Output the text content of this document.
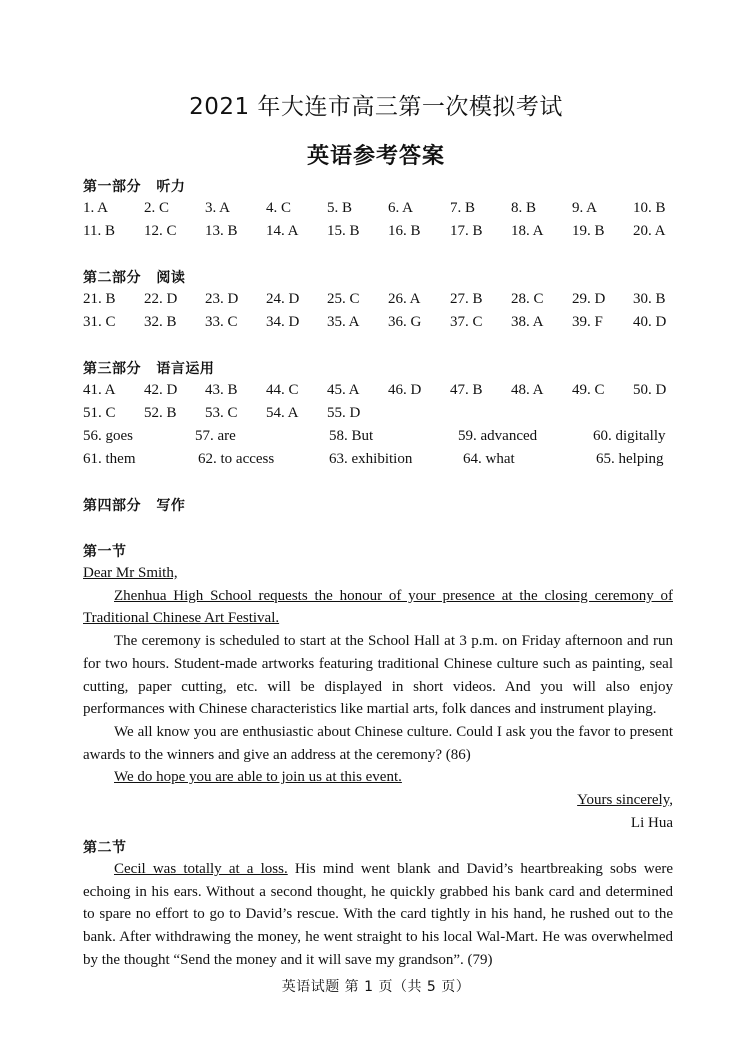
2021 年大连市高三第一次模拟考试
英语参考答案
第一部分 听力
1. A 2. C 3. A 4. C 5. B 6. A 7. B 8. B 9. A 10. B
11. B 12. C 13. B 14. A 15. B 16. B 17. B 18. A 19. B 20. A
第二部分 阅读
21. B 22. D 23. D 24. D 25. C 26. A 27. B 28. C 29. D 30. B
31. C 32. B 33. C 34. D 35. A 36. G 37. C 38. A 39. F 40. D
第三部分 语言运用
41. A 42. D 43. B 44. C 45. A 46. D 47. B 48. A 49. C 50. D
51. C 52. B 53. C 54. A 55. D
56. goes	57. are	58. But	59. advanced	60. digitally
61. them	62. to access	63. exhibition	64. what	65. helping
第四部分 写作
第一节
Dear Mr Smith,
Zhenhua High School requests the honour of your presence at the closing ceremony of Traditional Chinese Art Festival.
The ceremony is scheduled to start at the School Hall at 3 p.m. on Friday afternoon and run for two hours. Student-made artworks featuring traditional Chinese culture such as painting, seal cutting, paper cutting, etc. will be displayed in short videos. And you will also enjoy performances with Chinese characteristics like martial arts, folk dances and instrument playing.
We all know you are enthusiastic about Chinese culture. Could I ask you the favor to present awards to the winners and give an address at the ceremony? (86)
We do hope you are able to join us at this event.
Yours sincerely,
Li Hua
第二节
Cecil was totally at a loss. His mind went blank and David’s heartbreaking sobs were echoing in his ears. Without a second thought, he quickly grabbed his bank card and determined to spare no effort to go to David’s rescue. With the card tightly in his hand, he rushed out to the bank. After withdrawing the money, he went straight to his local Wal-Mart. He was overwhelmed by the thought “Send the money and it will save my grandson”. (79)
英语试题 第 1 页（共 5 页）
